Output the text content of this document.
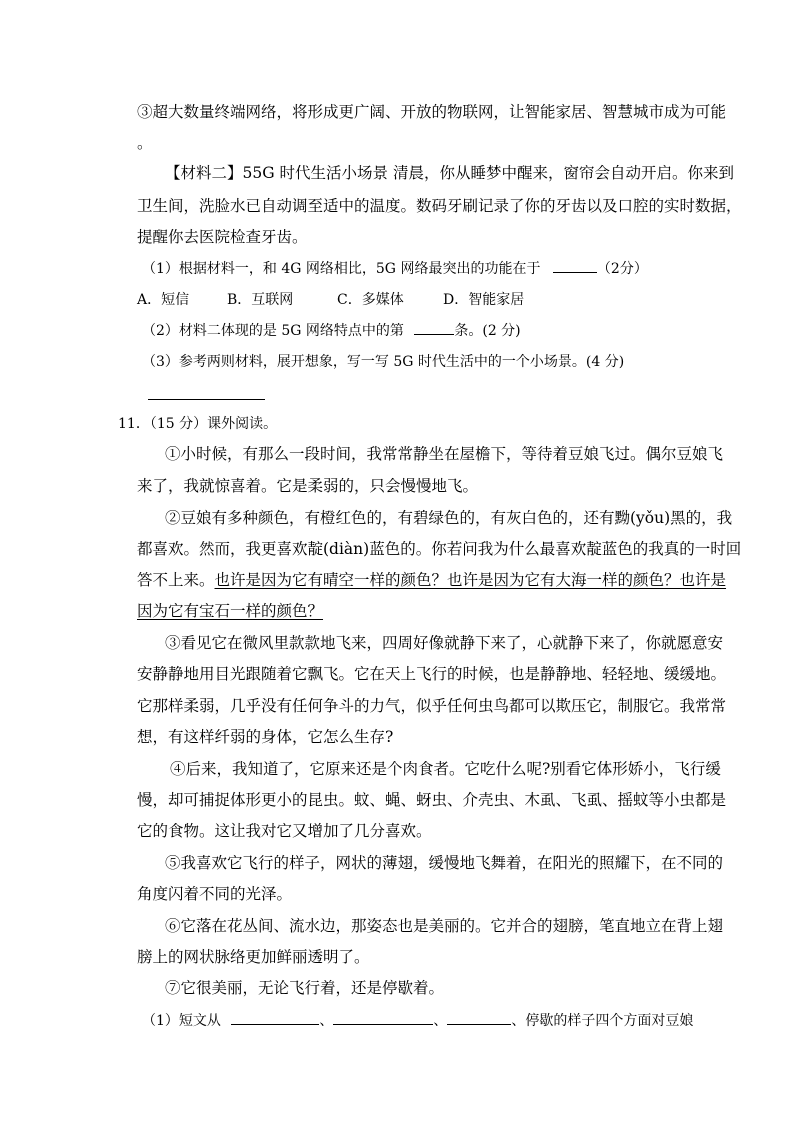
③超大数量终端网络，将形成更广阔、开放的物联网，让智能家居、智慧城市成为可能
。
【材料二】55G 时代生活小场景 清晨，你从睡梦中醒来，窗帘会自动开启。你来到
卫生间，洗脸水已自动调至适中的温度。数码牙刷记录了你的牙齿以及口腔的实时数据，
提醒你去医院检查牙齿。
（1）根据材料一，和 4G 网络相比，5G 网络最突出的功能在于	（2分）
A．短信	B．互联网	C．多媒体	D．智能家居
（2）材料二体现的是 5G 网络特点中的第	条。(2 分)
（3）参考两则材料，展开想象，写一写 5G 时代生活中的一个小场景。(4 分)
11．（15 分）课外阅读。
①小时候，有那么一段时间，我常常静坐在屋檐下，等待着豆娘飞过。偶尔豆娘飞
来了，我就惊喜着。它是柔弱的，只会慢慢地飞。
②豆娘有多种颜色，有橙红色的，有碧绿色的，有灰白色的，还有黝(yǒu)黑的，我
都喜欢。然而，我更喜欢靛(diàn)蓝色的。你若问我为什么最喜欢靛蓝色的我真的一时回
答不上来。也许是因为它有晴空一样的颜色？也许是因为它有大海一样的颜色？也许是
因为它有宝石一样的颜色？
③看见它在微风里款款地飞来，四周好像就静下来了，心就静下来了，你就愿意安
安静静地用目光跟随着它飘飞。它在天上飞行的时候，也是静静地、轻轻地、缓缓地。
它那样柔弱，几乎没有任何争斗的力气，似乎任何虫鸟都可以欺压它，制服它。我常常
想，有这样纤弱的身体，它怎么生存?
④后来，我知道了，它原来还是个肉食者。它吃什么呢?别看它体形娇小，飞行缓
慢，却可捕捉体形更小的昆虫。蚊、蝇、蚜虫、介壳虫、木虱、飞虱、摇蚊等小虫都是
它的食物。这让我对它又增加了几分喜欢。
⑤我喜欢它飞行的样子，网状的薄翅，缓慢地飞舞着，在阳光的照耀下，在不同的
角度闪着不同的光泽。
⑥它落在花丛间、流水边，那姿态也是美丽的。它并合的翅膀，笔直地立在背上翅
膀上的网状脉络更加鲜丽透明了。
⑦它很美丽，无论飞行着，还是停歇着。
（1）短文从	、	、	、停歇的样子四个方面对豆娘
